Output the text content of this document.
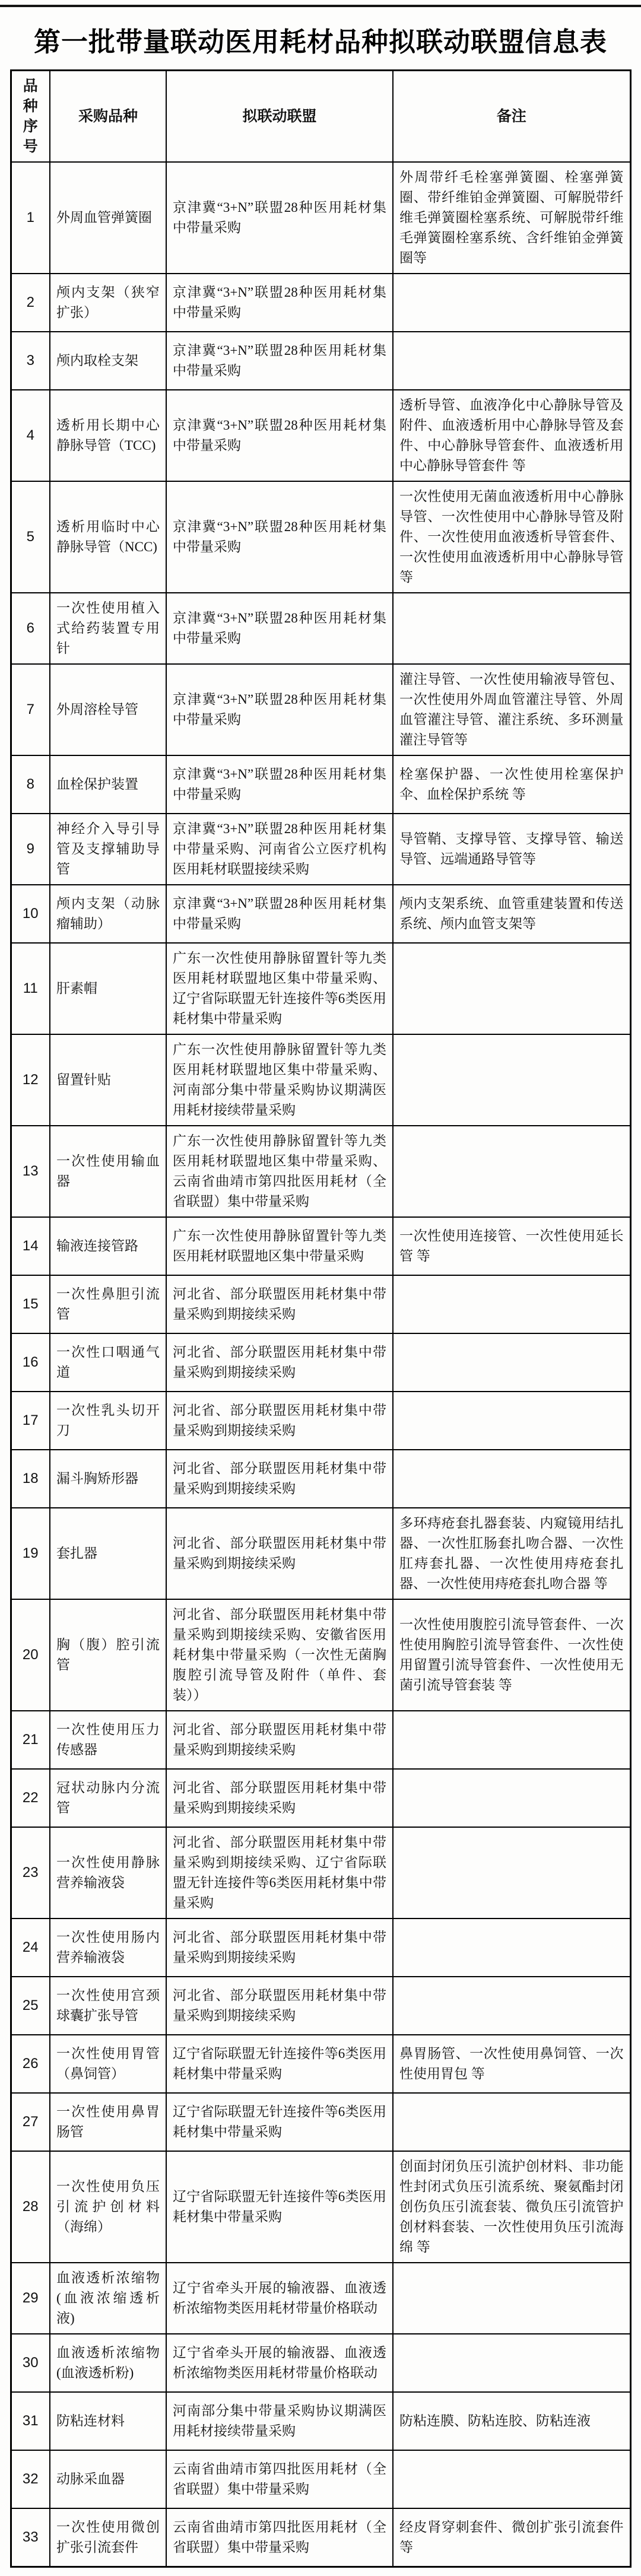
第一批带量联动医用耗材品种拟联动联盟信息表
品种序号	采购品种	拟联动联盟	备注
1	外周血管弹簧圈	京津冀“3+N”联盟28种医用耗材集中带量采购	外周带纤毛栓塞弹簧圈、栓塞弹簧圈、带纤维铂金弹簧圈、可解脱带纤维毛弹簧圈栓塞系统、可解脱带纤维毛弹簧圈栓塞系统、含纤维铂金弹簧圈等
2	颅内支架（狭窄扩张）	京津冀“3+N”联盟28种医用耗材集中带量采购	
3	颅内取栓支架	京津冀“3+N”联盟28种医用耗材集中带量采购	
4	透析用长期中心静脉导管（TCC)	京津冀“3+N”联盟28种医用耗材集中带量采购	透析导管、血液净化中心静脉导管及附件、血液透析用中心静脉导管及套件、中心静脉导管套件、血液透析用中心静脉导管套件 等
5	透析用临时中心静脉导管（NCC)	京津冀“3+N”联盟28种医用耗材集中带量采购	一次性使用无菌血液透析用中心静脉导管、一次性使用中心静脉导管及附件、一次性使用血液透析导管套件、一次性使用血液透析用中心静脉导管等
6	一次性使用植入式给药装置专用针	京津冀“3+N”联盟28种医用耗材集中带量采购	
7	外周溶栓导管	京津冀“3+N”联盟28种医用耗材集中带量采购	灌注导管、一次性使用输液导管包、一次性使用外周血管灌注导管、外周血管灌注导管、灌注系统、多环测量灌注导管等
8	血栓保护装置	京津冀“3+N”联盟28种医用耗材集中带量采购	栓塞保护器、一次性使用栓塞保护伞、血栓保护系统 等
9	神经介入导引导管及支撑辅助导管	京津冀“3+N”联盟28种医用耗材集中带量采购、河南省公立医疗机构医用耗材联盟接续采购	导管鞘、支撑导管、支撑导管、输送导管、远端通路导管等
10	颅内支架（动脉瘤辅助）	京津冀“3+N”联盟28种医用耗材集中带量采购	颅内支架系统、血管重建装置和传送系统、颅内血管支架等
11	肝素帽	广东一次性使用静脉留置针等九类医用耗材联盟地区集中带量采购、辽宁省际联盟无针连接件等6类医用耗材集中带量采购	
12	留置针贴	广东一次性使用静脉留置针等九类医用耗材联盟地区集中带量采购、河南部分集中带量采购协议期满医用耗材接续带量采购	
13	一次性使用输血器	广东一次性使用静脉留置针等九类医用耗材联盟地区集中带量采购、云南省曲靖市第四批医用耗材（全省联盟）集中带量采购	
14	输液连接管路	广东一次性使用静脉留置针等九类医用耗材联盟地区集中带量采购	一次性使用连接管、一次性使用延长管 等
15	一次性鼻胆引流管	河北省、部分联盟医用耗材集中带量采购到期接续采购	
16	一次性口咽通气道	河北省、部分联盟医用耗材集中带量采购到期接续采购	
17	一次性乳头切开刀	河北省、部分联盟医用耗材集中带量采购到期接续采购	
18	漏斗胸矫形器	河北省、部分联盟医用耗材集中带量采购到期接续采购	
19	套扎器	河北省、部分联盟医用耗材集中带量采购到期接续采购	多环痔疮套扎器套装、内窥镜用结扎器、一次性肛肠套扎吻合器、一次性肛痔套扎器、一次性使用痔疮套扎器、一次性使用痔疮套扎吻合器 等
20	胸（腹）腔引流管	河北省、部分联盟医用耗材集中带量采购到期接续采购、安徽省医用耗材集中带量采购（一次性无菌胸腹腔引流导管及附件（单件、套装））	一次性使用腹腔引流导管套件、一次性使用胸腔引流导管套件、一次性使用留置引流导管套件、一次性使用无菌引流导管套装 等
21	一次性使用压力传感器	河北省、部分联盟医用耗材集中带量采购到期接续采购	
22	冠状动脉内分流管	河北省、部分联盟医用耗材集中带量采购到期接续采购	
23	一次性使用静脉营养输液袋	河北省、部分联盟医用耗材集中带量采购到期接续采购、辽宁省际联盟无针连接件等6类医用耗材集中带量采购	
24	一次性使用肠内营养输液袋	河北省、部分联盟医用耗材集中带量采购到期接续采购	
25	一次性使用宫颈球囊扩张导管	河北省、部分联盟医用耗材集中带量采购到期接续采购	
26	一次性使用胃管（鼻饲管）	辽宁省际联盟无针连接件等6类医用耗材集中带量采购	鼻胃肠管、一次性使用鼻饲管、一次性使用胃包 等
27	一次性使用鼻胃肠管	辽宁省际联盟无针连接件等6类医用耗材集中带量采购	
28	一次性使用负压引流护创材料（海绵）	辽宁省际联盟无针连接件等6类医用耗材集中带量采购	创面封闭负压引流护创材料、非功能性封闭式负压引流系统、聚氨酯封闭创伤负压引流套装、微负压引流管护创材料套装、一次性使用负压引流海绵 等
29	血液透析浓缩物(血液浓缩透析液)	辽宁省牵头开展的输液器、血液透析浓缩物类医用耗材带量价格联动	
30	血液透析浓缩物(血液透析粉)	辽宁省牵头开展的输液器、血液透析浓缩物类医用耗材带量价格联动	
31	防粘连材料	河南部分集中带量采购协议期满医用耗材接续带量采购	防粘连膜、防粘连胶、防粘连液
32	动脉采血器	云南省曲靖市第四批医用耗材（全省联盟）集中带量采购	
33	一次性使用微创扩张引流套件	云南省曲靖市第四批医用耗材（全省联盟）集中带量采购	经皮肾穿刺套件、微创扩张引流套件等
